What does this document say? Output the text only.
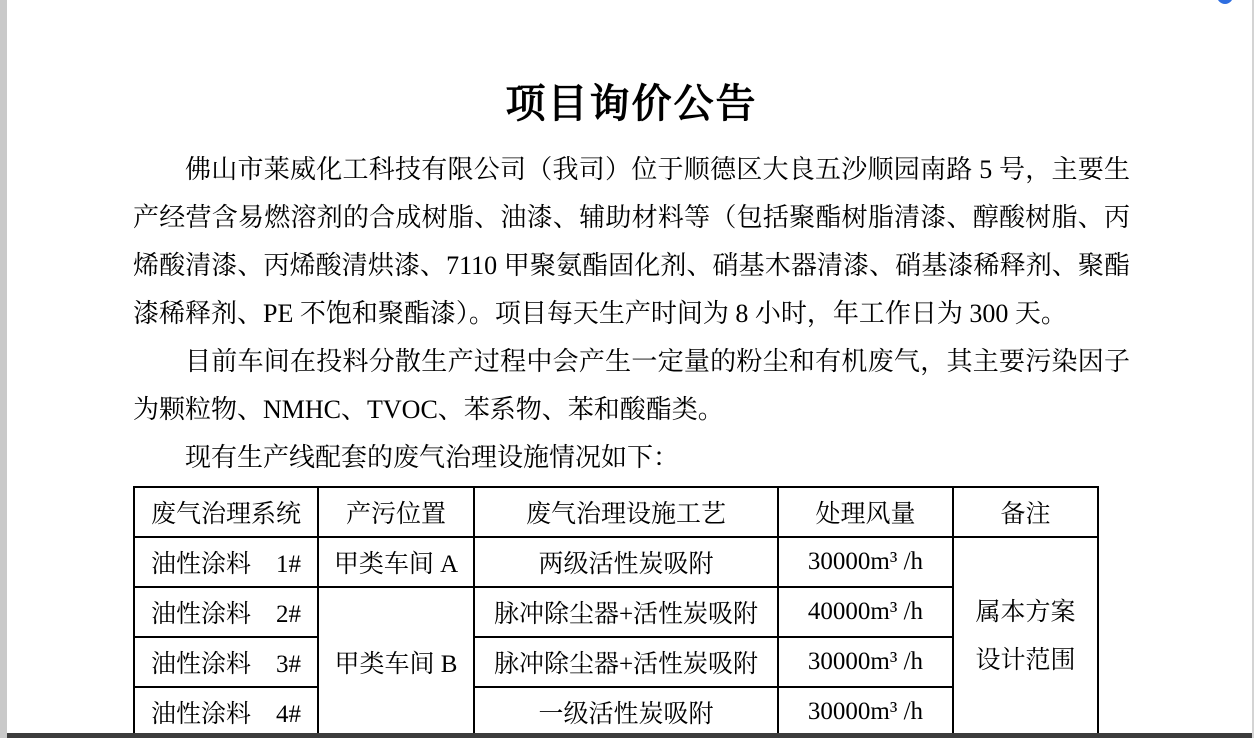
项目询价公告

佛山市莱威化工科技有限公司（我司）位于顺德区大良五沙顺园南路 5 号，主要生产经营含易燃溶剂的合成树脂、油漆、辅助材料等（包括聚酯树脂清漆、醇酸树脂、丙烯酸清漆、丙烯酸清烘漆、7110 甲聚氨酯固化剂、硝基木器清漆、硝基漆稀释剂、聚酯漆稀释剂、PE 不饱和聚酯漆）。项目每天生产时间为 8 小时，年工作日为 300 天。

目前车间在投料分散生产过程中会产生一定量的粉尘和有机废气，其主要污染因子为颗粒物、NMHC、TVOC、苯系物、苯和酸酯类。

现有生产线配套的废气治理设施情况如下：

废气治理系统	产污位置	废气治理设施工艺	处理风量	备注
油性涂料　1#	甲类车间 A	两级活性炭吸附	30000m³ /h	属本方案
设计范围

油性涂料　2#	甲类车间 B	脉冲除尘器+活性炭吸附	40000m³ /h	
油性涂料　3#		脉冲除尘器+活性炭吸附	30000m³ /h	
油性涂料　4#		一级活性炭吸附	30000m³ /h	
